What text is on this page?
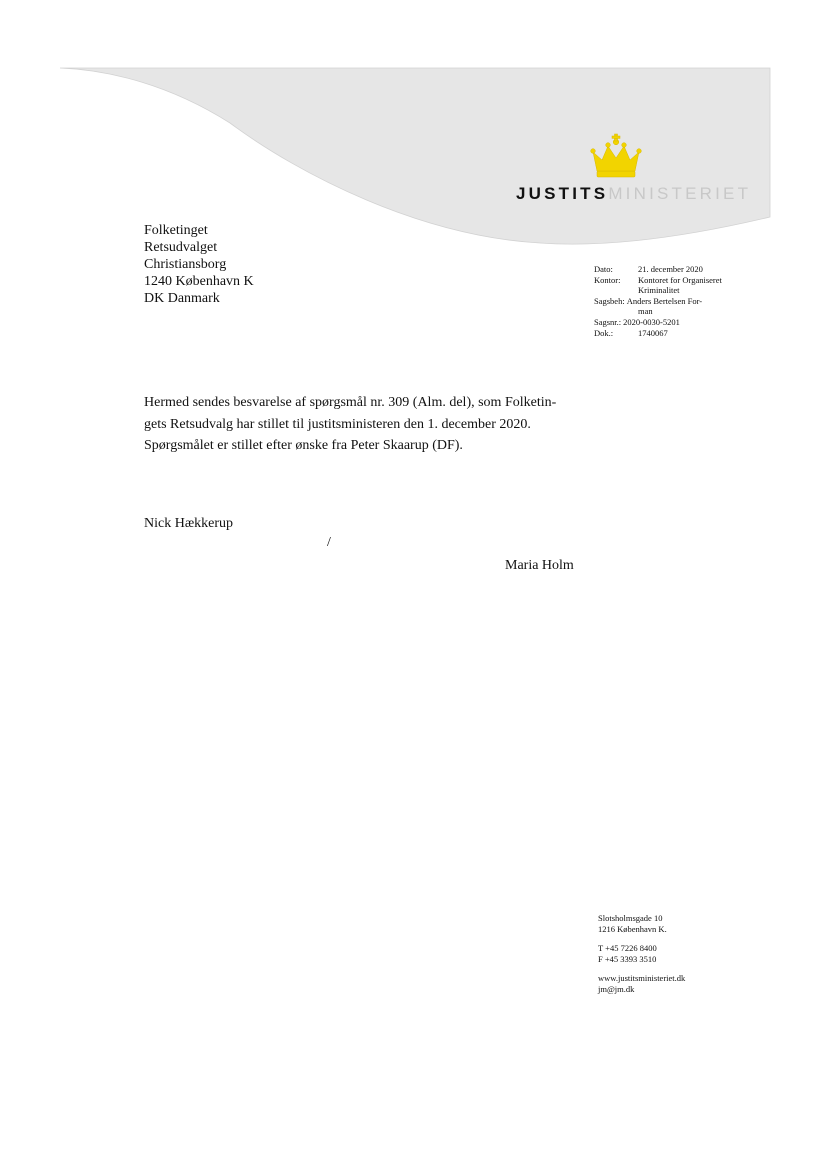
JUSTITSMINISTERIET
Folketinget
Retsudvalget
Christiansborg
1240 København K
DK Danmark
Dato:	21. december 2020
Kontor:	Kontoret for Organiseret
Kriminalitet
Sagsbeh: Anders Bertelsen For-
man
Sagsnr.: 2020-0030-5201
Dok.:	1740067
Hermed sendes besvarelse af spørgsmål nr. 309 (Alm. del), som Folketin-
gets Retsudvalg har stillet til justitsministeren den 1. december 2020.
Spørgsmålet er stillet efter ønske fra Peter Skaarup (DF).
Nick Hækkerup
/
Maria Holm
Slotsholmsgade 10
1216 København K.
T +45 7226 8400
F +45 3393 3510
www.justitsministeriet.dk
jm@jm.dk
